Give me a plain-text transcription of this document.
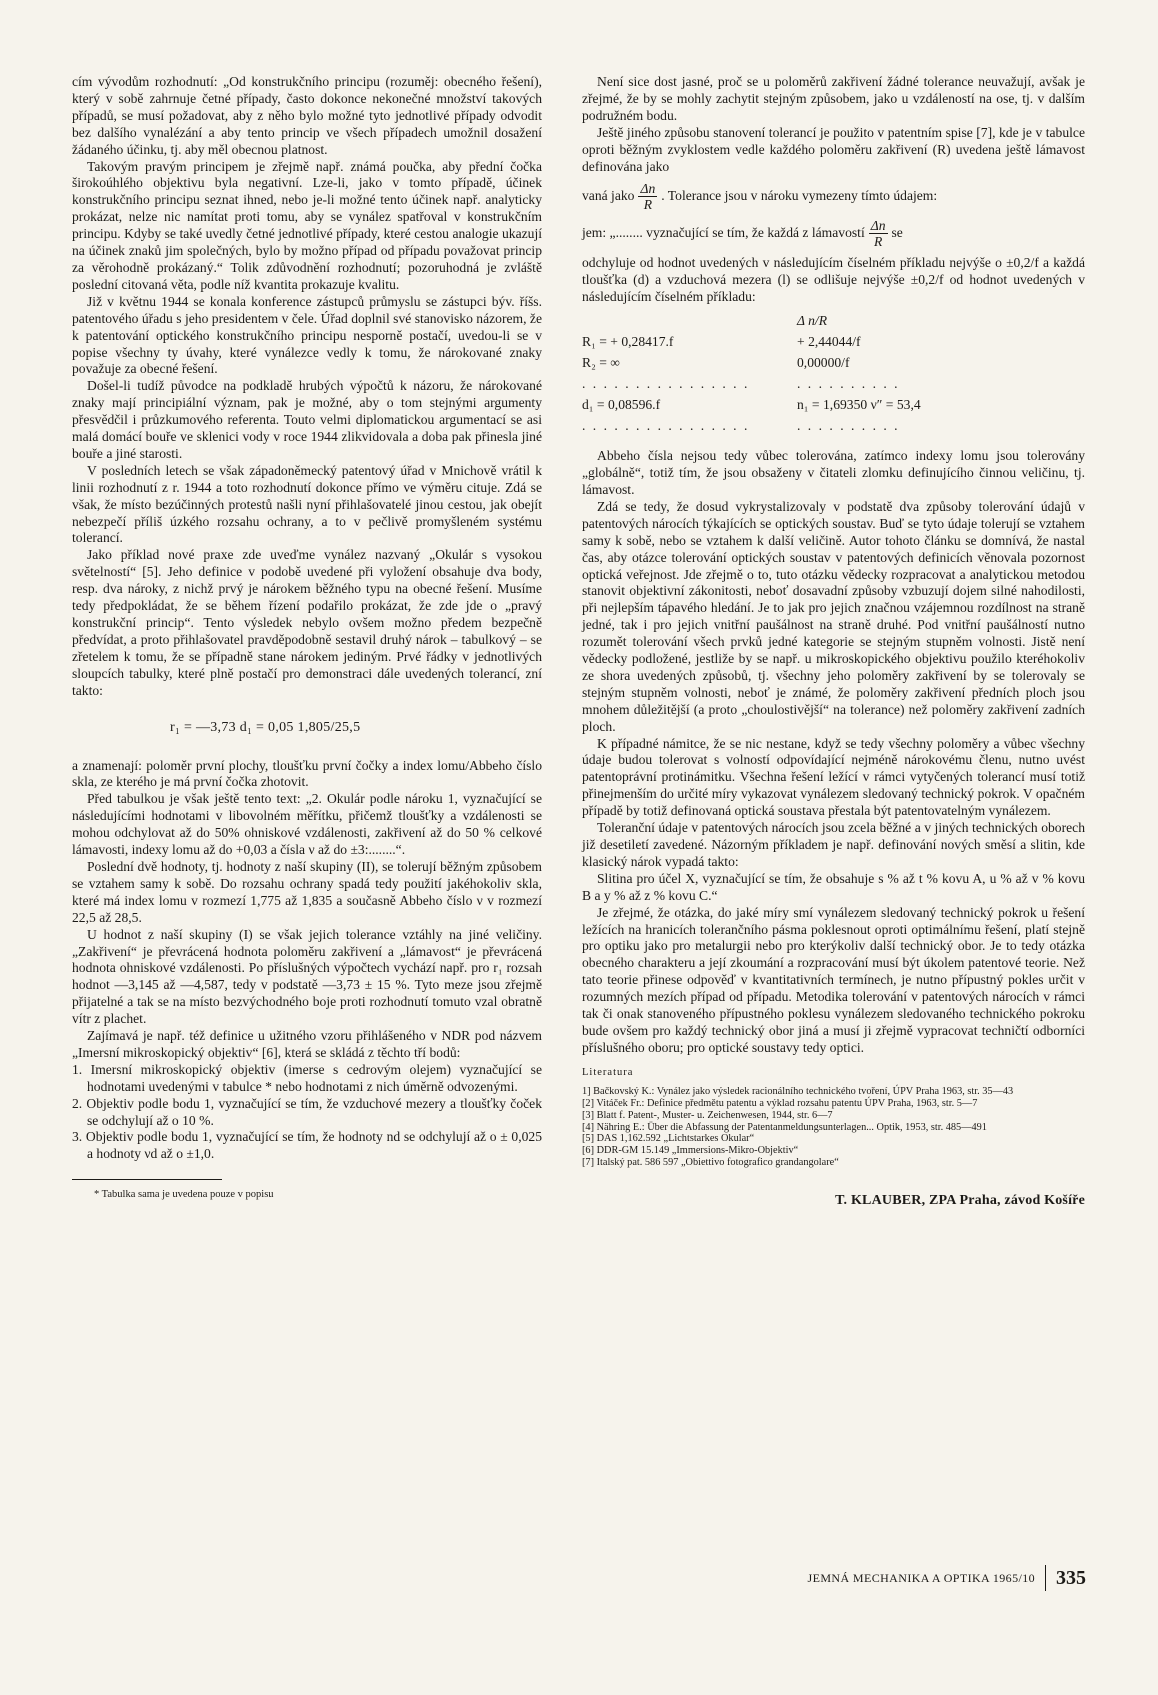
cím vývodům rozhodnutí: „Od konstrukčního principu (rozuměj: obecného řešení), který v sobě zahrnuje četné případy, často dokonce nekonečné množství takových případů, se musí požadovat, aby z něho bylo možné tyto jednotlivé případy odvodit bez dalšího vynalézání a aby tento princip ve všech případech umožnil dosažení žádaného účinku, tj. aby měl obecnou platnost.

Takovým pravým principem je zřejmě např. známá poučka, aby přední čočka širokoúhlého objektivu byla negativní. Lze-li, jako v tomto případě, účinek konstrukčního principu seznat ihned, nebo je-li možné tento účinek např. analyticky prokázat, nelze nic namítat proti tomu, aby se vynález spatřoval v konstrukčním principu. Kdyby se také uvedly četné jednotlivé případy, které cestou analogie ukazují na účinek znaků jim společných, bylo by možno případ od případu považovat princip za věrohodně prokázaný.“ Tolik zdůvodnění rozhodnutí; pozoruhodná je zvláště poslední citovaná věta, podle níž kvantita prokazuje kvalitu.

Již v květnu 1944 se konala konference zástupců průmyslu se zástupci býv. říšs. patentového úřadu s jeho presidentem v čele. Úřad doplnil své stanovisko názorem, že k patentování optického konstrukčního principu nesporně postačí, uvedou-li se v popise všechny ty úvahy, které vynálezce vedly k tomu, že nárokované znaky považuje za obecné řešení.

Došel-li tudíž původce na podkladě hrubých výpočtů k názoru, že nárokované znaky mají principiální význam, pak je možné, aby o tom stejnými argumenty přesvědčil i průzkumového referenta. Touto velmi diplomatickou argumentací se asi malá domácí bouře ve sklenici vody v roce 1944 zlikvidovala a doba pak přinesla jiné bouře a jiné starosti.

V posledních letech se však západoněmecký patentový úřad v Mnichově vrátil k linii rozhodnutí z r. 1944 a toto rozhodnutí dokonce přímo ve výměru cituje. Zdá se však, že místo bezúčinných protestů našli nyní přihlašovatelé jinou cestou, jak obejít nebezpečí příliš úzkého rozsahu ochrany, a to v pečlivě promyšleném systému tolerancí.

Jako příklad nové praxe zde uveďme vynález nazvaný „Okulár s vysokou světelností“ [5]. Jeho definice v podobě uvedené při vyložení obsahuje dva body, resp. dva nároky, z nichž prvý je nárokem běžného typu na obecné řešení. Musíme tedy předpokládat, že se během řízení podařilo prokázat, že zde jde o „pravý konstrukční princip“. Tento výsledek nebylo ovšem možno předem bezpečně předvídat, a proto přihlašovatel pravděpodobně sestavil druhý nárok – tabulkový – se zřetelem k tomu, že se případně stane nárokem jediným. Prvé řádky v jednotlivých sloupcích tabulky, které plně postačí pro demonstraci dále uvedených tolerancí, zní takto:

r₁ = —3,73 d₁ = 0,05 1,805/25,5

a znamenají: poloměr první plochy, tloušťku první čočky a index lomu/Abbeho číslo skla, ze kterého je má první čočka zhotovit.

Před tabulkou je však ještě tento text: „2. Okulár podle nároku 1, vyznačující se následujícími hodnotami v libovolném měřítku, přičemž tloušťky a vzdálenosti se mohou odchylovat až do 50% ohniskové vzdálenosti, zakřivení až do 50 % celkové lámavosti, indexy lomu až do +0,03 a čísla ν až do ±3:........“.

Poslední dvě hodnoty, tj. hodnoty z naší skupiny (II), se tolerují běžným způsobem se vztahem samy k sobě. Do rozsahu ochrany spadá tedy použití jakéhokoliv skla, které má index lomu v rozmezí 1,775 až 1,835 a současně Abbeho číslo ν v rozmezí 22,5 až 28,5.

U hodnot z naší skupiny (I) se však jejich tolerance vztáhly na jiné veličiny. „Zakřivení“ je převrácená hodnota poloměru zakřivení a „lámavost“ je převrácená hodnota ohniskové vzdálenosti. Po příslušných výpočtech vychází např. pro r₁ rozsah hodnot —3,145 až —4,587, tedy v podstatě —3,73 ± 15 %. Tyto meze jsou zřejmě přijatelné a tak se na místo bezvýchodného boje proti rozhodnutí tomuto vzal obratně vítr z plachet.

Zajímavá je např. též definice u užitného vzoru přihlášeného v NDR pod názvem „Imersní mikroskopický objektiv“ [6], která se skládá z těchto tří bodů:

1. Imersní mikroskopický objektiv (imerse s cedrovým olejem) vyznačující se hodnotami uvedenými v tabulce * nebo hodnotami z nich úměrně odvozenými.
2. Objektiv podle bodu 1, vyznačující se tím, že vzduchové mezery a tloušťky čoček se odchylují až o 10 %.
3. Objektiv podle bodu 1, vyznačující se tím, že hodnoty nd se odchylují až o ± 0,025 a hodnoty νd až o ±1,0.
* Tabulka sama je uvedena pouze v popisu

Není sice dost jasné, proč se u poloměrů zakřivení žádné tolerance neuvažují, avšak je zřejmé, že by se mohly zachytit stejným způsobem, jako u vzdáleností na ose, tj. v dalším podružném bodu.

Ještě jiného způsobu stanovení tolerancí je použito v patentním spise [7], kde je v tabulce oproti běžným zvyklostem vedle každého poloměru zakřivení (R) uvedena ještě lámavost definována jako

vaná jako $\frac{\Delta n}{R}$ . Tolerance jsou v nároku vymezeny tímto údajem:
jem: „........ vyznačující se tím, že každá z lámavostí $\frac{\Delta n}{R}$ se

odchyluje od hodnot uvedených v následujícím číselném příkladu nejvýše o ±0,2/f a každá tloušťka (d) a vzduchová mezera (l) se odlišuje nejvýše ±0,2/f od hodnot uvedených v následujícím číselném příkladu:

Δ n/R
R₁ = + 0,28417.f	+ 2,44044/f
R₂ = ∞	0,00000/f
. . . . . . . . . . . . . . . .	. . . . . . . . . .
d₁ = 0,08596.f	n₁ = 1,69350 ν″ = 53,4
. . . . . . . . . . . . . . . .	. . . . . . . . . .

Abbeho čísla nejsou tedy vůbec tolerována, zatímco indexy lomu jsou tolerovány „globálně“, totiž tím, že jsou obsaženy v čitateli zlomku definujícího činnou veličinu, tj. lámavost.

Zdá se tedy, že dosud vykrystalizovaly v podstatě dva způsoby tolerování údajů v patentových nárocích týkajících se optických soustav. Buď se tyto údaje tolerují se vztahem samy k sobě, nebo se vztahem k další veličině. Autor tohoto článku se domnívá, že nastal čas, aby otázce tolerování optických soustav v patentových definicích věnovala pozornost optická veřejnost. Jde zřejmě o to, tuto otázku vědecky rozpracovat a analytickou metodou stanovit objektivní zákonitosti, neboť dosavadní způsoby vzbuzují dojem silné nahodilosti, při nejlepším tápavého hledání. Je to jak pro jejich značnou vzájemnou rozdílnost na straně jedné, tak i pro jejich vnitřní paušálnost na straně druhé. Pod vnitřní paušálností nutno rozumět tolerování všech prvků jedné kategorie se stejným stupněm volnosti. Jistě není vědecky podložené, jestliže by se např. u mikroskopického objektivu použilo kteréhokoliv ze shora uvedených způsobů, tj. všechny jeho poloměry zakřivení by se tolerovaly se stejným stupněm volnosti, neboť je známé, že poloměry zakřivení předních ploch jsou mnohem důležitější (a proto „choulostivější“ na tolerance) než poloměry zakřivení zadních ploch.

K případné námitce, že se nic nestane, když se tedy všechny poloměry a vůbec všechny údaje budou tolerovat s volností odpovídající nejméně nárokovému členu, nutno uvést patentoprávní protinámitku. Všechna řešení ležící v rámci vytyčených tolerancí musí totiž přinejmenším do určité míry vykazovat vynálezem sledovaný technický pokrok. V opačném případě by totiž definovaná optická soustava přestala být patentovatelným vynálezem.

Toleranční údaje v patentových nárocích jsou zcela běžné a v jiných technických oborech již desetiletí zavedené. Názorným příkladem je např. definování nových směsí a slitin, kde klasický nárok vypadá takto:

Slitina pro účel X, vyznačující se tím, že obsahuje s % až t % kovu A, u % až v % kovu B a y % až z % kovu C.“

Je zřejmé, že otázka, do jaké míry smí vynálezem sledovaný technický pokrok u řešení ležících na hranicích tolerančního pásma poklesnout oproti optimálnímu řešení, platí stejně pro optiku jako pro metalurgii nebo pro kterýkoliv další technický obor. Je to tedy otázka obecného charakteru a její zkoumání a rozpracování musí být úkolem patentové teorie. Než tato teorie přinese odpověď v kvantitativních termínech, je nutno přípustný pokles určit v rozumných mezích případ od případu. Metodika tolerování v patentových nárocích v rámci tak či onak stanoveného přípustného poklesu vynálezem sledovaného technického pokroku bude ovšem pro každý technický obor jiná a musí ji zřejmě vypracovat techničtí odborníci příslušného oboru; pro optické soustavy tedy optici.

Literatura
1] Bačkovský K.: Vynález jako výsledek racionálního technického tvoření, ÚPV Praha 1963, str. 35—43
[2] Vitáček Fr.: Definice předmětu patentu a výklad rozsahu patentu ÚPV Praha, 1963, str. 5—7
[3] Blatt f. Patent-, Muster- u. Zeichenwesen, 1944, str. 6—7
[4] Nähring E.: Über die Abfassung der Patentanmeldungsunterlagen... Optik, 1953, str. 485—491
[5] DAS 1,162.592 „Lichtstarkes Okular“
[6] DDR-GM 15.149 „Immersions-Mikro-Objektiv“
[7] Italský pat. 586 597 „Obiettivo fotografico grandangolare“
T. KLAUBER, ZPA Praha, závod Košíře
JEMNÁ MECHANIKA A OPTIKA 1965/10 335
